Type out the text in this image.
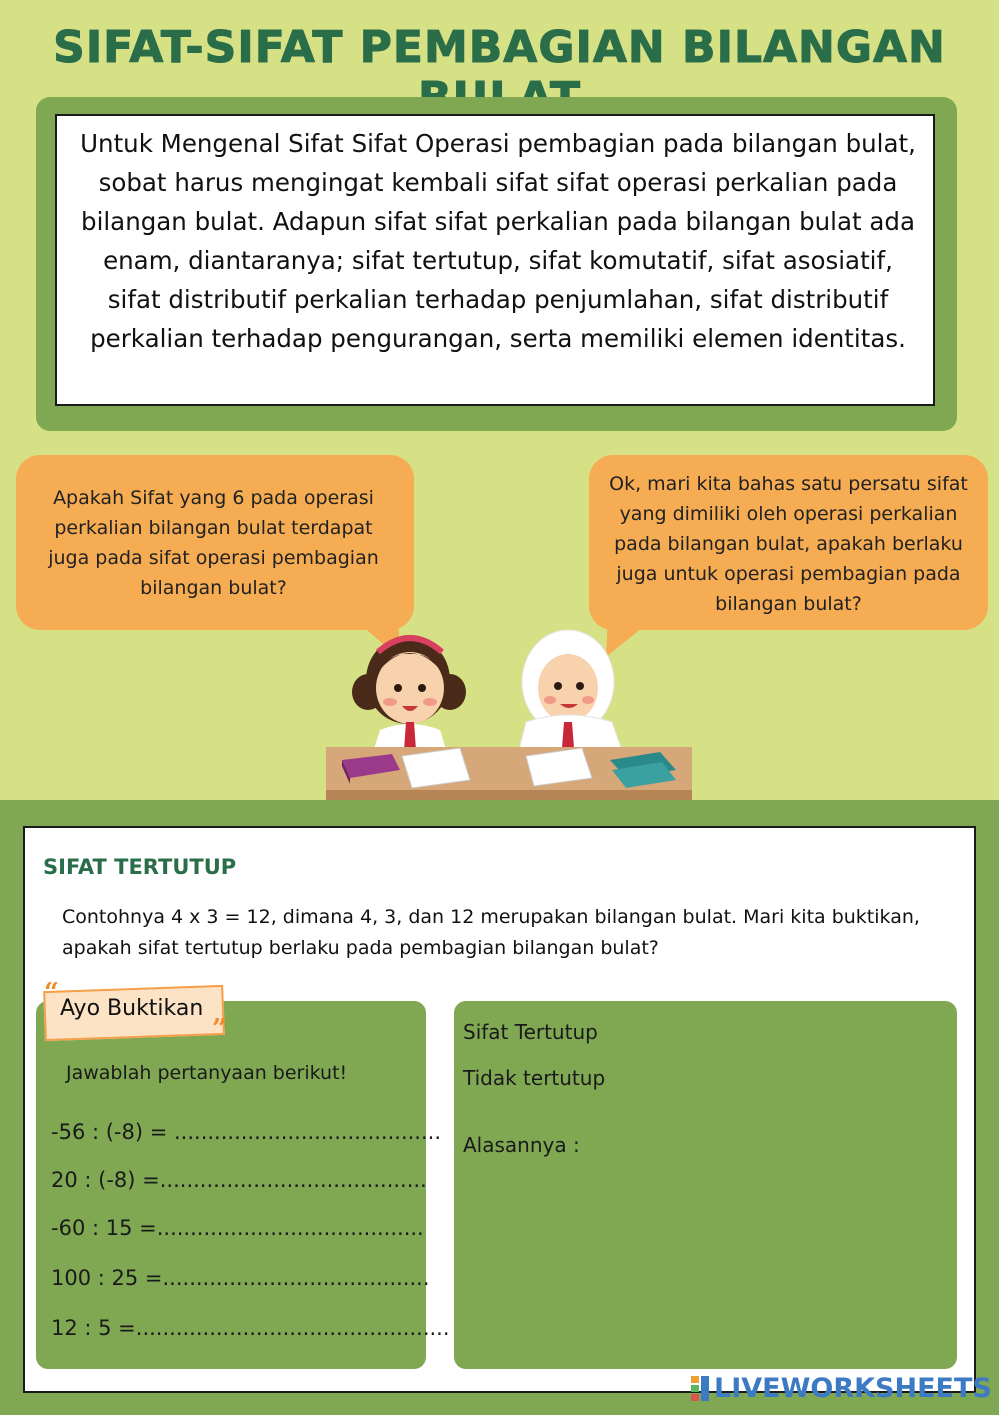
SIFAT-SIFAT PEMBAGIAN BILANGAN
Untuk Mengenal Sifat Sifat Operasi pembagian pada bilangan bulat, sobat harus mengingat kembali sifat sifat operasi perkalian pada bilangan bulat. Adapun sifat sifat perkalian pada bilangan bulat ada enam, diantaranya; sifat tertutup, sifat komutatif, sifat asosiatif, sifat distributif perkalian terhadap penjumlahan, sifat distributif perkalian terhadap pengurangan, serta memiliki elemen identitas.
Apakah Sifat yang 6 pada operasi perkalian bilangan bulat terdapat juga pada sifat operasi pembagian bilangan bulat?
Ok, mari kita bahas satu persatu sifat yang dimiliki oleh operasi perkalian pada bilangan bulat, apakah berlaku juga untuk operasi pembagian pada bilangan bulat?
SIFAT TERTUTUP
Contohnya 4 x 3 = 12, dimana 4, 3, dan 12 merupakan bilangan bulat. Mari kita buktikan, apakah sifat tertutup berlaku pada pembagian bilangan bulat?
“
”
Ayo Buktikan
Jawablah pertanyaan berikut!
-56 : (-8) = ........................................
20 : (-8) =........................................
-60 : 15 =........................................
100 : 25 =........................................
12 : 5 =...............................................
Sifat Tertutup
Tidak tertutup
Alasannya :
LIVEWORKSHEETS
